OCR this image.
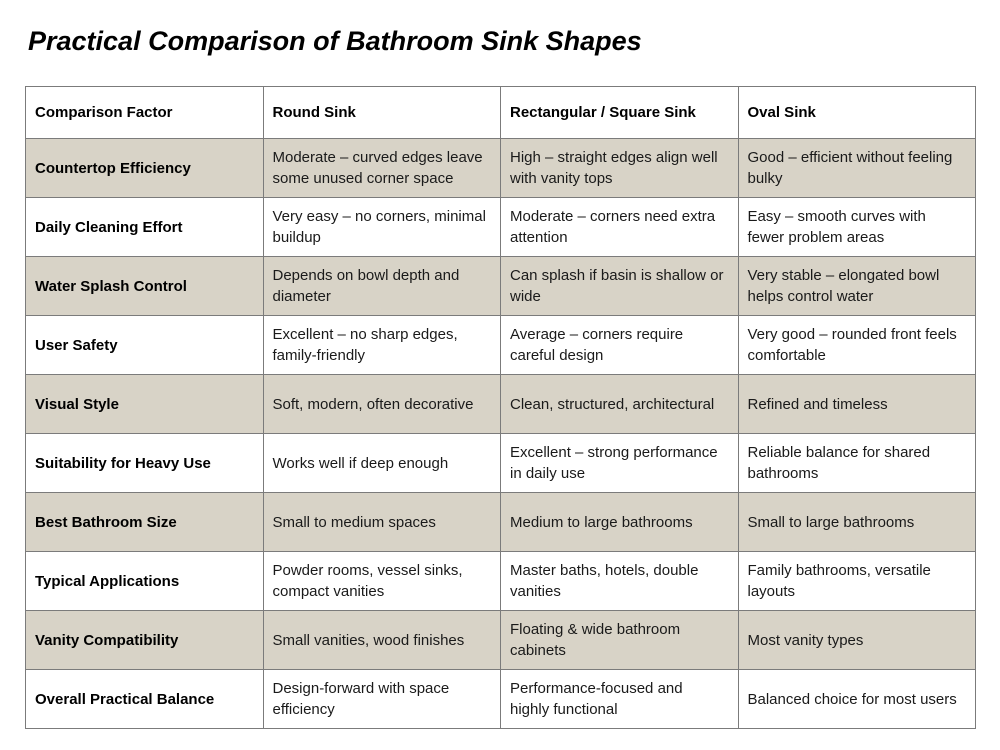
Practical Comparison of Bathroom Sink Shapes
Comparison Factor	Round Sink	Rectangular / Square Sink	Oval Sink
Countertop Efficiency	Moderate – curved edges leave some unused corner space	High – straight edges align well with vanity tops	Good – efficient without feeling bulky
Daily Cleaning Effort	Very easy – no corners, minimal buildup	Moderate – corners need extra attention	Easy – smooth curves with fewer problem areas
Water Splash Control	Depends on bowl depth and diameter	Can splash if basin is shallow or wide	Very stable – elongated bowl helps control water
User Safety	Excellent – no sharp edges, family-friendly	Average – corners require careful design	Very good – rounded front feels comfortable
Visual Style	Soft, modern, often decorative	Clean, structured, architectural	Refined and timeless
Suitability for Heavy Use	Works well if deep enough	Excellent – strong performance in daily use	Reliable balance for shared bathrooms
Best Bathroom Size	Small to medium spaces	Medium to large bathrooms	Small to large bathrooms
Typical Applications	Powder rooms, vessel sinks, compact vanities	Master baths, hotels, double vanities	Family bathrooms, versatile layouts
Vanity Compatibility	Small vanities, wood finishes	Floating & wide bathroom cabinets	Most vanity types
Overall Practical Balance	Design-forward with space efficiency	Performance-focused and highly functional	Balanced choice for most users
